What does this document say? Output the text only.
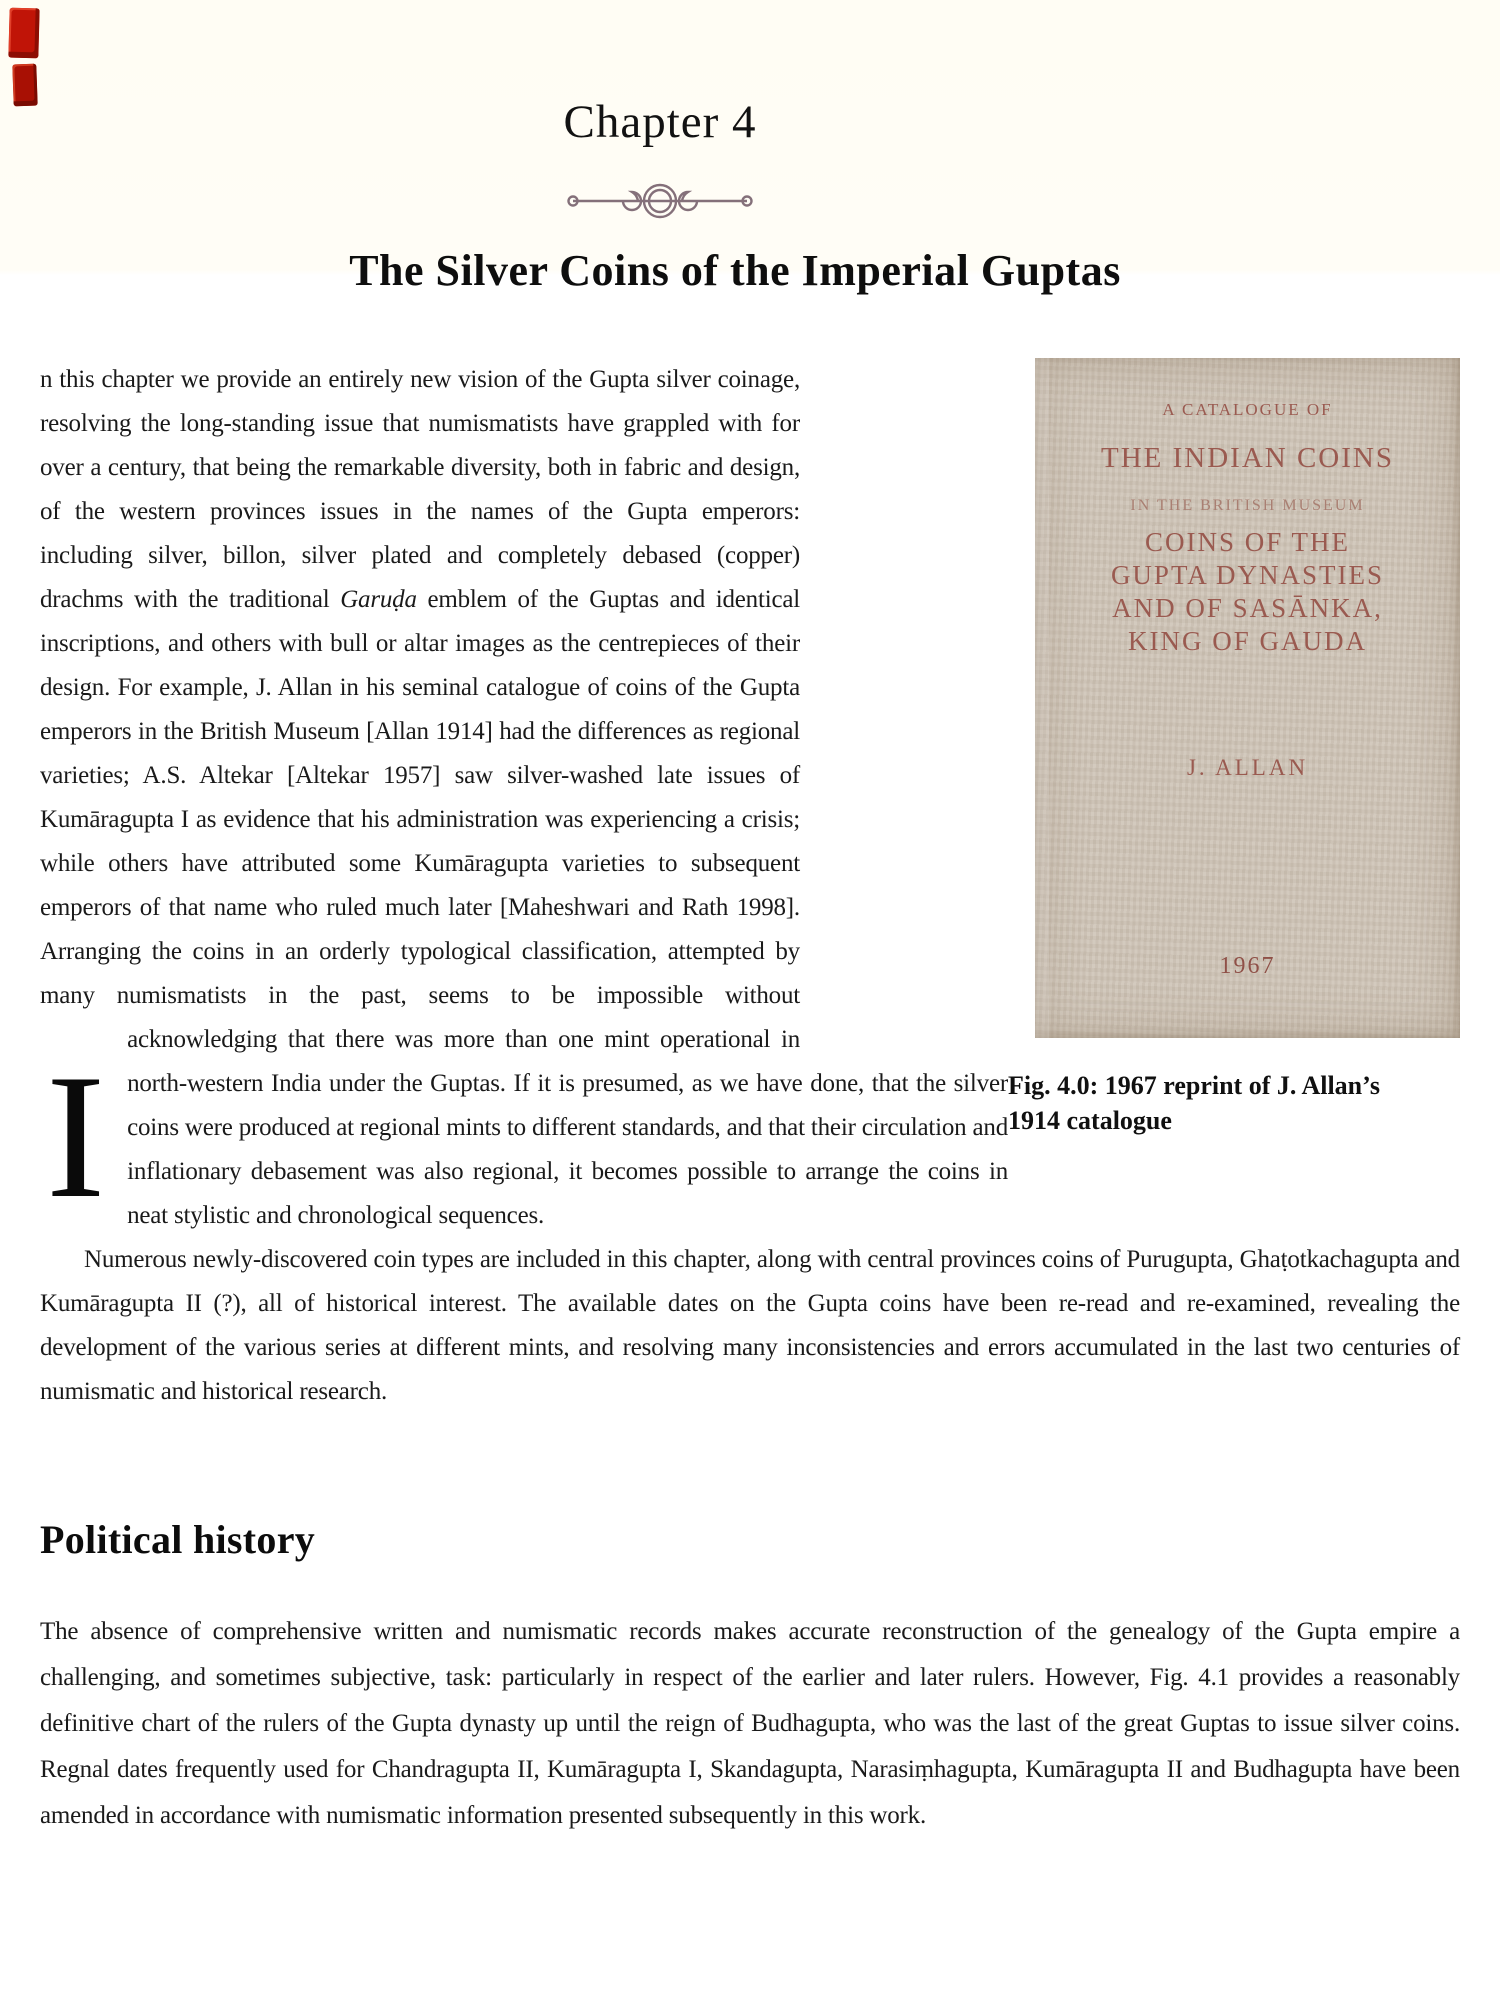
Chapter 4
The Silver Coins of the Imperial Guptas
A CATALOGUE OF
THE INDIAN COINS
IN THE BRITISH MUSEUM
COINS OF THE
GUPTA DYNASTIES
AND OF SASĀNKA,
KING OF GAUDA
J. ALLAN
1967
Fig. 4.0: 1967 reprint of J. Allan’s
1914 catalogue

I
n this chapter we provide an entirely new vision of the Gupta silver coinage, resolving the long-standing issue that numismatists have grappled with for over a century, that being the remarkable diversity, both in fabric and design, of the western provinces issues in the names of the Gupta emperors: including silver, billon, silver plated and completely debased (copper) drachms with the traditional Garuḍa emblem of the Guptas and identical inscriptions, and others with bull or altar images as the centrepieces of their design. For example, J. Allan in his seminal catalogue of coins of the Gupta emperors in the British Museum [Allan 1914] had the differences as regional varieties; A.S. Altekar [Altekar 1957] saw silver-washed late issues of Kumāragupta I as evidence that his administration was experiencing a crisis; while others have attributed some Kumāragupta varieties to subsequent emperors of that name who ruled much later [Maheshwari and Rath 1998]. Arranging the coins in an orderly typological classification, attempted by many numismatists in the past, seems to be impossible without acknowledging that there was more than one mint operational in north-western India under the Guptas. If it is presumed, as we have done, that the silver coins were produced at regional mints to different standards, and that their circulation and inflationary debasement was also regional, it becomes possible to arrange the coins in neat stylistic and chronological sequences.

Numerous newly-discovered coin types are included in this chapter, along with central provinces coins of Purugupta, Ghaṭotkachagupta and Kumāragupta II (?), all of historical interest. The available dates on the Gupta coins have been re-read and re-examined, revealing the development of the various series at different mints, and resolving many inconsistencies and errors accumulated in the last two centuries of numismatic and historical research.

Political history

The absence of comprehensive written and numismatic records makes accurate reconstruction of the genealogy of the Gupta empire a challenging, and sometimes subjective, task: particularly in respect of the earlier and later rulers. However, Fig. 4.1 provides a reasonably definitive chart of the rulers of the Gupta dynasty up until the reign of Budhagupta, who was the last of the great Guptas to issue silver coins. Regnal dates frequently used for Chandragupta II, Kumāragupta I, Skandagupta, Narasiṃhagupta, Kumāragupta II and Budhagupta have been amended in accordance with numismatic information presented subsequently in this work.
